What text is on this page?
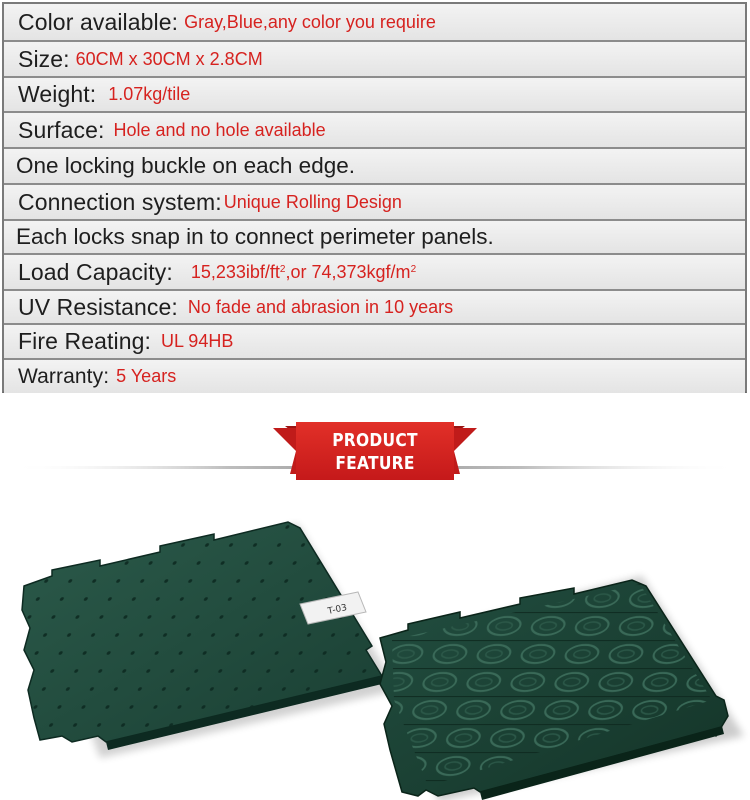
Color available: Gray,Blue,any color you require
Size: 60CM x 30CM x 2.8CM
Weight: 1.07kg/tile
Surface: Hole and no hole available
One locking buckle on each edge.
Connection system: Unique Rolling Design
Each locks snap in to connect perimeter panels.
Load Capacity: $15,233ibf/ft^2,or$ $74,373kgf/m^2$
UV Resistance: No fade and abrasion in 10 years
Fire Reating: UL 94HB
Warranty: 5 Years
PRODUCT
FEATURE
T-03
